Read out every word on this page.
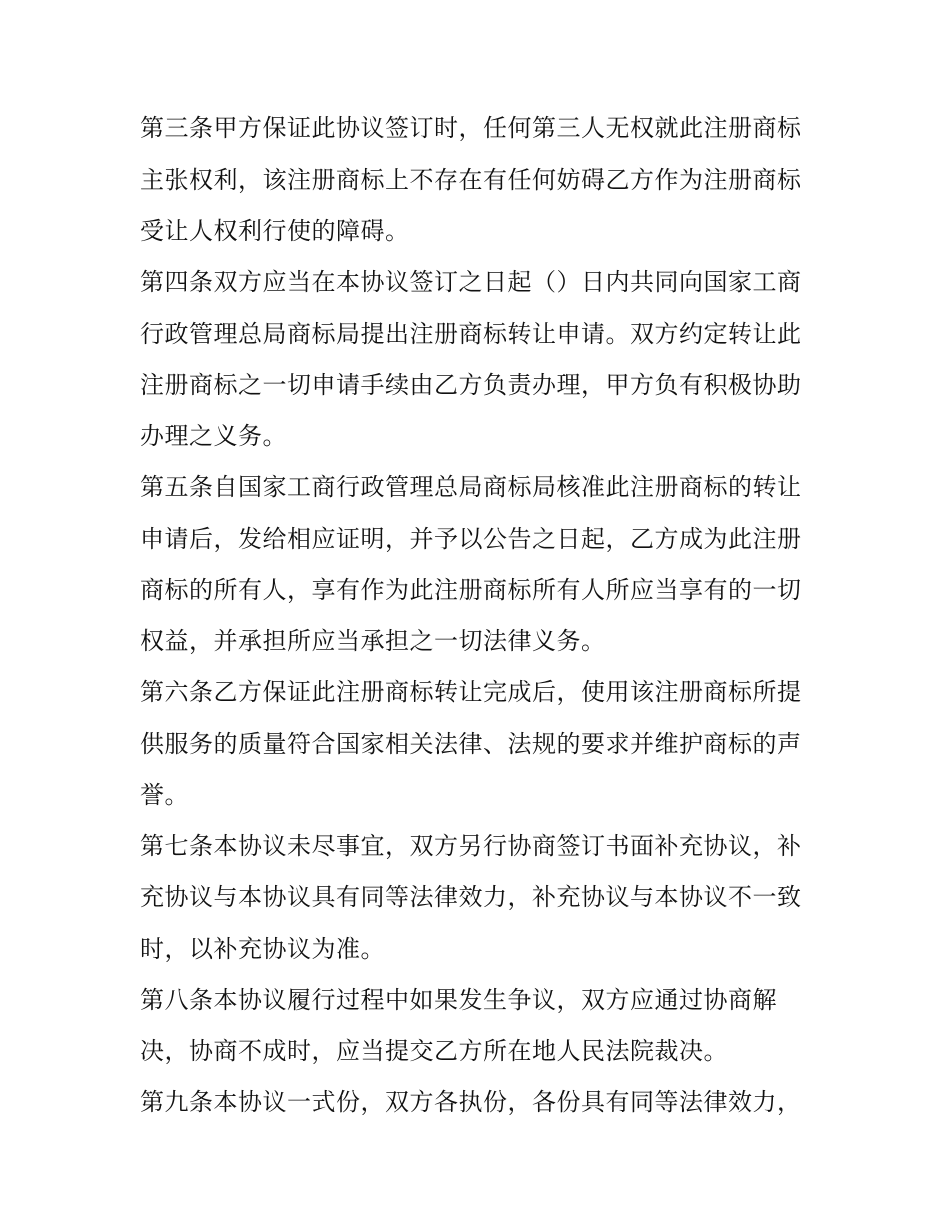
第三条甲方保证此协议签订时，任何第三人无权就此注册商标
主张权利，该注册商标上不存在有任何妨碍乙方作为注册商标
受让人权利行使的障碍。
第四条双方应当在本协议签订之日起（）日内共同向国家工商
行政管理总局商标局提出注册商标转让申请。双方约定转让此
注册商标之一切申请手续由乙方负责办理，甲方负有积极协助
办理之义务。
第五条自国家工商行政管理总局商标局核准此注册商标的转让
申请后，发给相应证明，并予以公告之日起，乙方成为此注册
商标的所有人，享有作为此注册商标所有人所应当享有的一切
权益，并承担所应当承担之一切法律义务。
第六条乙方保证此注册商标转让完成后，使用该注册商标所提
供服务的质量符合国家相关法律、法规的要求并维护商标的声
誉。
第七条本协议未尽事宜，双方另行协商签订书面补充协议，补
充协议与本协议具有同等法律效力，补充协议与本协议不一致
时，以补充协议为准。
第八条本协议履行过程中如果发生争议，双方应通过协商解
决，协商不成时，应当提交乙方所在地人民法院裁决。
第九条本协议一式份，双方各执份，各份具有同等法律效力，
